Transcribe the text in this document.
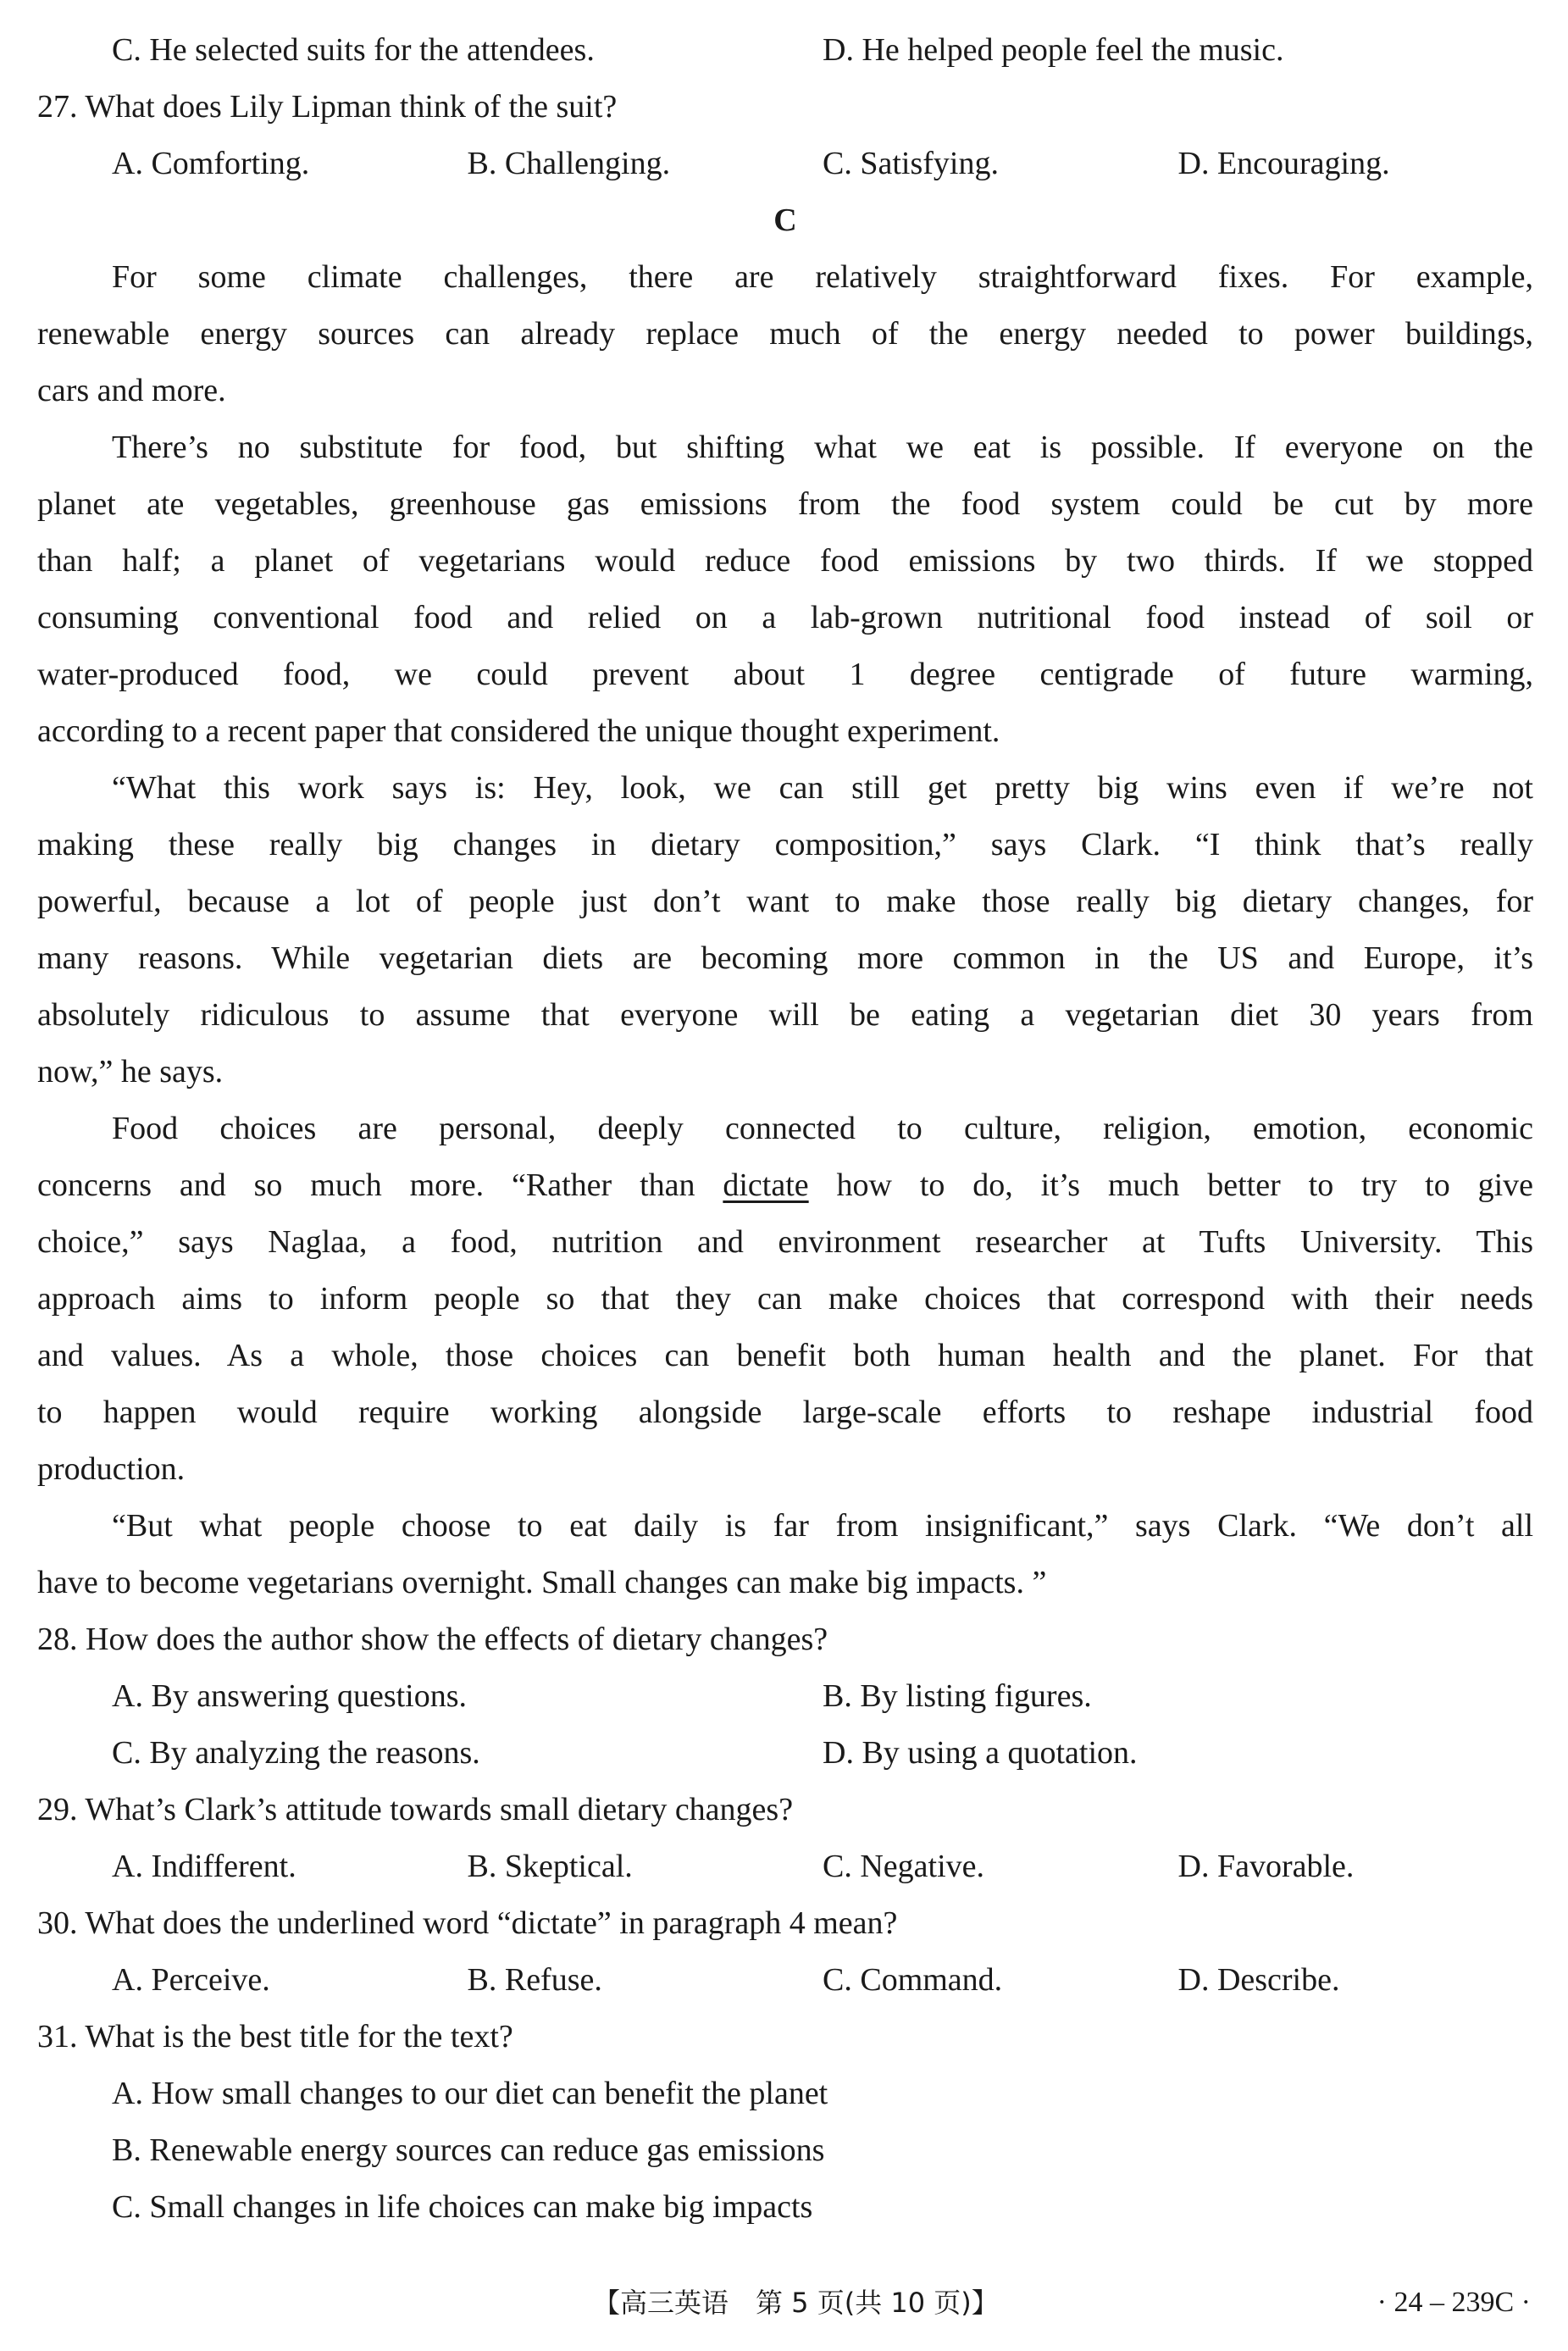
C. He selected suits for the attendees.	D. He helped people feel the music.
27. What does Lily Lipman think of the suit?
A. Comforting.	B. Challenging.	C. Satisfying.	D. Encouraging.
C
For some climate challenges, there are relatively straightforward fixes. For example,
renewable energy sources can already replace much of the energy needed to power buildings,
cars and more.
There’s no substitute for food, but shifting what we eat is possible. If everyone on the
planet ate vegetables, greenhouse gas emissions from the food system could be cut by more
than half; a planet of vegetarians would reduce food emissions by two thirds. If we stopped
consuming conventional food and relied on a lab-grown nutritional food instead of soil or
water-produced food, we could prevent about 1 degree centigrade of future warming,
according to a recent paper that considered the unique thought experiment.
“What this work says is: Hey, look, we can still get pretty big wins even if we’re not
making these really big changes in dietary composition,” says Clark. “I think that’s really
powerful, because a lot of people just don’t want to make those really big dietary changes, for
many reasons. While vegetarian diets are becoming more common in the US and Europe, it’s
absolutely ridiculous to assume that everyone will be eating a vegetarian diet 30 years from
now,” he says.
Food choices are personal, deeply connected to culture, religion, emotion, economic
concerns and so much more. “Rather than dictate how to do, it’s much better to try to give
choice,” says Naglaa, a food, nutrition and environment researcher at Tufts University. This
approach aims to inform people so that they can make choices that correspond with their needs
and values. As a whole, those choices can benefit both human health and the planet. For that
to happen would require working alongside large-scale efforts to reshape industrial food
production.
“But what people choose to eat daily is far from insignificant,” says Clark. “We don’t all
have to become vegetarians overnight. Small changes can make big impacts. ”
28. How does the author show the effects of dietary changes?
A. By answering questions.	B. By listing figures.
C. By analyzing the reasons.	D. By using a quotation.
29. What’s Clark’s attitude towards small dietary changes?
A. Indifferent.	B. Skeptical.	C. Negative.	D. Favorable.
30. What does the underlined word “dictate” in paragraph 4 mean?
A. Perceive.	B. Refuse.	C. Command.	D. Describe.
31. What is the best title for the text?
A. How small changes to our diet can benefit the planet
B. Renewable energy sources can reduce gas emissions
C. Small changes in life choices can make big impacts
【高三英语　第 5 页(共 10 页)】	· 24 – 239C ·
